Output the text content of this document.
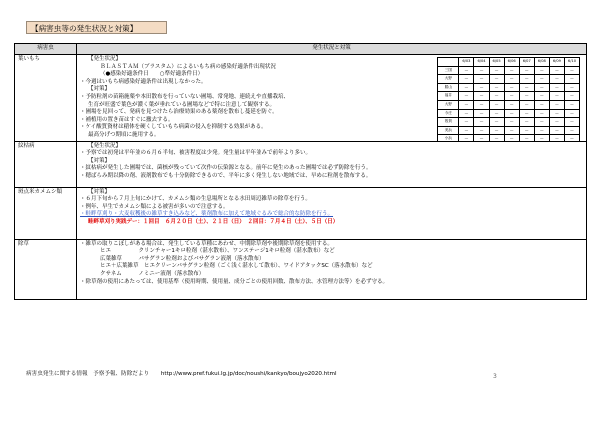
【病害虫等の発生状況と対策】
病害虫	発生状況と対策
葉いもち	【発生状況】
ＢＬＡＳＴＡＭ（ブラスタム）によるいもち病の感染好適条件出現状況
（●感染好適条件日　　○準好適条件日）
・今週はいもち病感染好適条件は出現しなかった。
【対策】
・予防粒剤の苗箱施薬や本田散布を行っていない圃場、常発地、連続えや直播栽培、
生育が旺盛で葉色が濃く葉が垂れている圃場などで特に注意して観察する。
・圃場を見回って、発病を見つけたら治療効果のある薬剤を散布し蔓延を防ぐ。
・補植用の置き苗はすぐに撤去する。
・ケイ酸質資材は稲体を硬くしていもち病菌の侵入を抑制する効果がある。
最高分げつ期頃に施用する。
	6/03	6/04	6/05	6/06	6/07	6/08	6/09	6/10
三国	—	—	—	—	—	—	—	—
大野	—	—	—	—	—	—	—	—
勝山	—	—	—	—	—	—	—	—
福井	—	—	—	—	—	—	—	—
大野	—	—	—	—	—	—	—	—
今庄	—	—	—	—	—	—	—	—
敦賀	—	—	—	—	—	—	—	—
美浜	—	—	—	—	—	—	—	—
小浜	—	—	—	—	—	—	—	—

紋枯病	【発生状況】
・予察では初発は平年並の６月６半旬、被害程度は少発。発生量は平年並みで前年より多い。
【対策】
・紋枯病が発生した圃場では、菌核が残っていて次作の伝染源となる。前年に発生のあった圃場では必ず防除を行う。
・穂ばらみ期以降の剤、液剤散布でも十分防除できるので、平年に多く発生しない地域では、早めに粒剤を散布する。

斑点米カメムシ類	【対策】
・６月下旬から７月上旬にかけて、カメムシ類の生息場所となる水田周辺雑草の除草を行う。
・例年、早生でカメムシ類による被害が多いので注意する。
・畦畔草刈り・大麦収穫後の雑草すき込みなど、薬剤散布に加えて地域ぐるみで総合的な防除を行う。
畦畔草刈り実践デー：１回目　６月２０日（土）、２１日（日）　２回目：７月４日（土）、５日（日）

除草	・雑草の取りこぼしがある場合は、発生している草種にあわせ、中期除草剤や後期除草剤を使用する。
ヒエ　　　　　クリンチャー1キロ粒剤（湛水散布）、ワンステージ1キロ粒剤（湛水散布）など
広葉雑草　　　バサグラン粒剤およびバサグラン液剤（落水散布）
ヒエ＋広葉雑草　ヒエクリーンバサグラン粒剤（ごく浅く湛水して散布）、ワイドアタックSC（落水散布）など
クサネム　　　ノミニー液剤（落水散布）
・除草剤の使用にあたっては、使用基準（使用時期、使用量、成分ごとの使用回数、散布方法、水管理方法等）を必ず守る。
病害虫発生に関する情報　予察予報、防除だより http://www.pref.fukui.lg.jp/doc/noushi/kankyo/boujyo2020.html	3
